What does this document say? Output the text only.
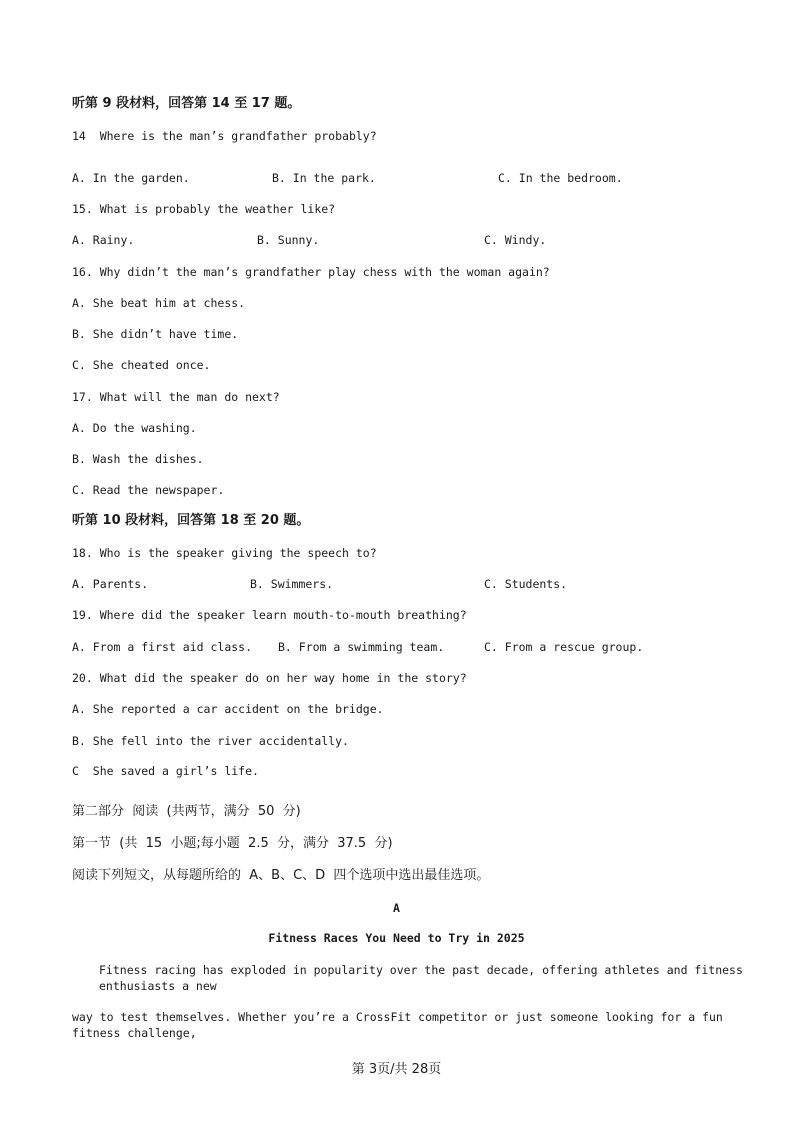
听第 9 段材料，回答第 14 至 17 题。
14  Where is the man’s grandfather probably?
A. In the garden.	B. In the park.	C. In the bedroom.
15. What is probably the weather like?
A. Rainy.	B. Sunny.	C. Windy.
16. Why didn’t the man’s grandfather play chess with the woman again?
A. She beat him at chess.
B. She didn’t have time.
C. She cheated once.
17. What will the man do next?
A. Do the washing.
B. Wash the dishes.
C. Read the newspaper.
听第 10 段材料，回答第 18 至 20 题。
18. Who is the speaker giving the speech to?
A. Parents.	B. Swimmers.	C. Students.
19. Where did the speaker learn mouth-to-mouth breathing?
A. From a first aid class. B. From a swimming team.	C. From a rescue group.
20. What did the speaker do on her way home in the story?
A. She reported a car accident on the bridge.
B. She fell into the river accidentally.
C  She saved a girl’s life.
第二部分  阅读  (共两节，满分  50  分)
第一节  (共  15  小题;每小题  2.5  分，满分  37.5  分)
阅读下列短文，从每题所给的  A、B、C、D  四个选项中选出最佳选项。
A
Fitness Races You Need to Try in 2025
Fitness racing has exploded in popularity over the past decade, offering athletes and fitness
enthusiasts a new
way to test themselves. Whether you’re a CrossFit competitor or just someone looking for a fun
fitness challenge,
第 3页/共 28页
